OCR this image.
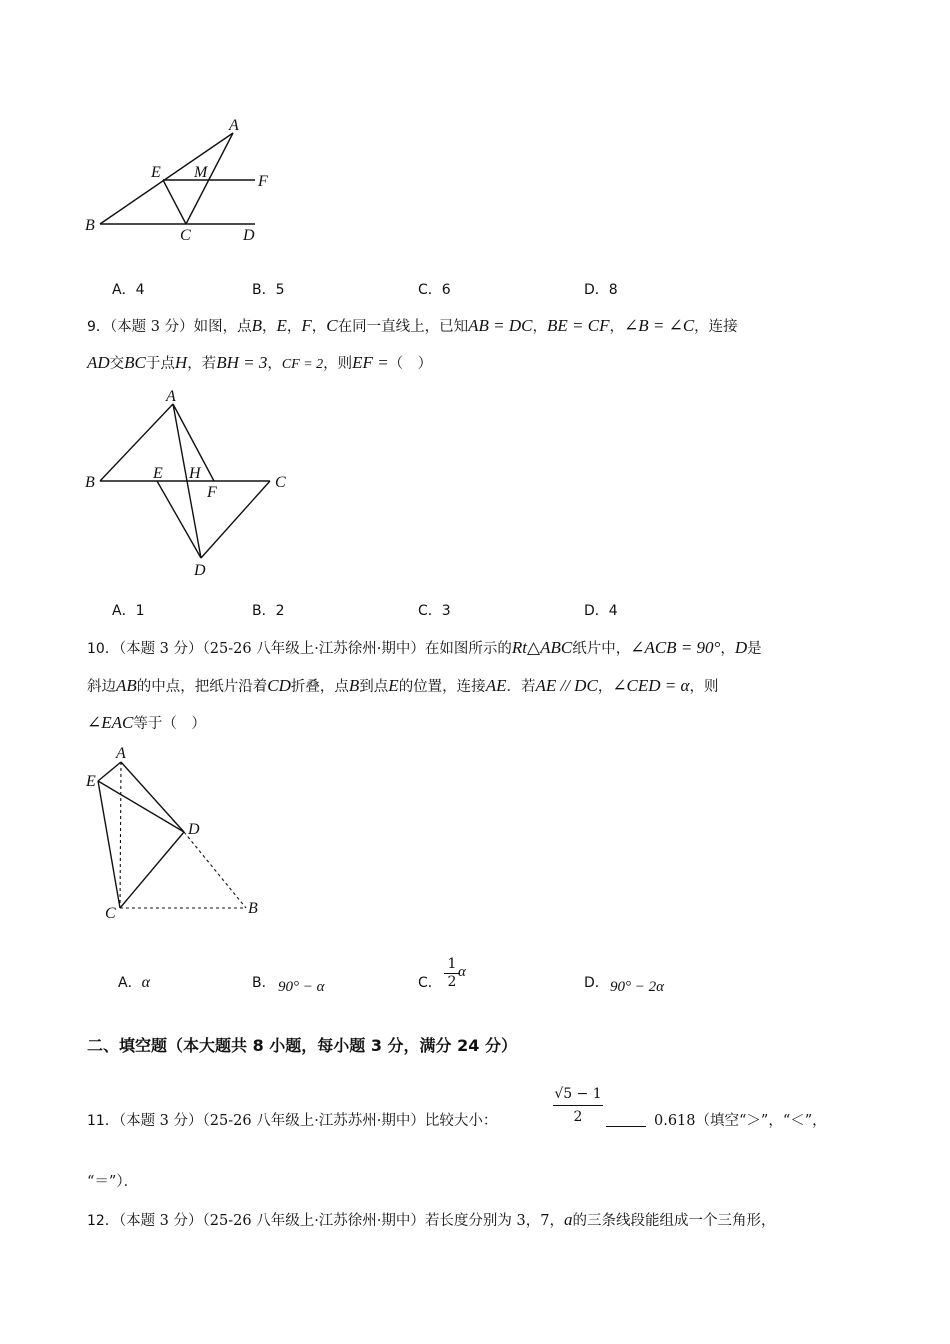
A
E M
F
B
C	D
A．4	B．5	C．6	D．8
9．（本题 3 分）如图，点B，E，F，C在同一直线上，已知AB = DC，BE = CF，∠B = ∠C，连接
AD交BC于点H，若BH = 3，CF = 2，则EF =（　）
A
B
E H
F
C
D
A．1	B．2	C．3	D．4
10．（本题 3 分）（25-26 八年级上·江苏徐州·期中）在如图所示的Rt△ABC纸片中，∠ACB = 90°，D是
斜边AB的中点，把纸片沿着CD折叠，点B到点E的位置，连接AE．若AE // DC，∠CED = α，则
∠EAC等于（　）
A
E
D
C	B
A．α	B． 90° − α	C． $\frac{1}{2}$
α
D． 90° − 2α
二、填空题（本大题共 8 小题，每小题 3 分，满分 24 分）
11．（本题 3 分）（25-26 八年级上·江苏苏州·期中）比较大小：	$\frac{√5 - 1}{2}$	0.618（填空“＞”，“＜”，
“＝”）．
12．（本题 3 分）（25-26 八年级上·江苏徐州·期中）若长度分别为 3，7，a的三条线段能组成一个三角形，
